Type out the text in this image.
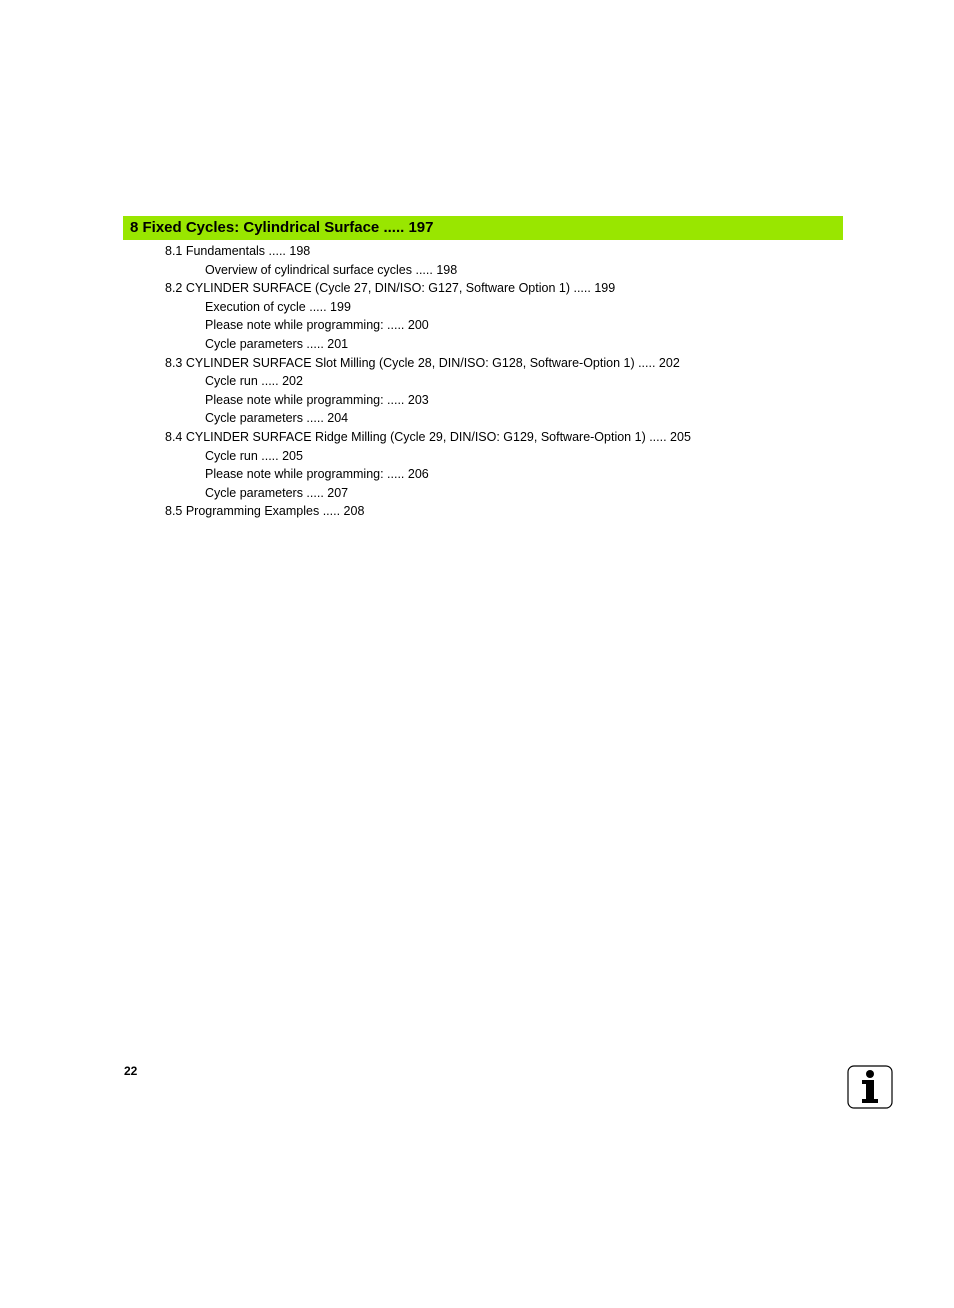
8 Fixed Cycles: Cylindrical Surface ..... 197
8.1 Fundamentals ..... 198
Overview of cylindrical surface cycles ..... 198
8.2 CYLINDER SURFACE (Cycle 27, DIN/ISO: G127, Software Option 1) ..... 199
Execution of cycle ..... 199
Please note while programming: ..... 200
Cycle parameters ..... 201
8.3 CYLINDER SURFACE Slot Milling (Cycle 28, DIN/ISO: G128, Software-Option 1) ..... 202
Cycle run ..... 202
Please note while programming: ..... 203
Cycle parameters ..... 204
8.4 CYLINDER SURFACE Ridge Milling (Cycle 29, DIN/ISO: G129, Software-Option 1) ..... 205
Cycle run ..... 205
Please note while programming: ..... 206
Cycle parameters ..... 207
8.5 Programming Examples ..... 208
22
